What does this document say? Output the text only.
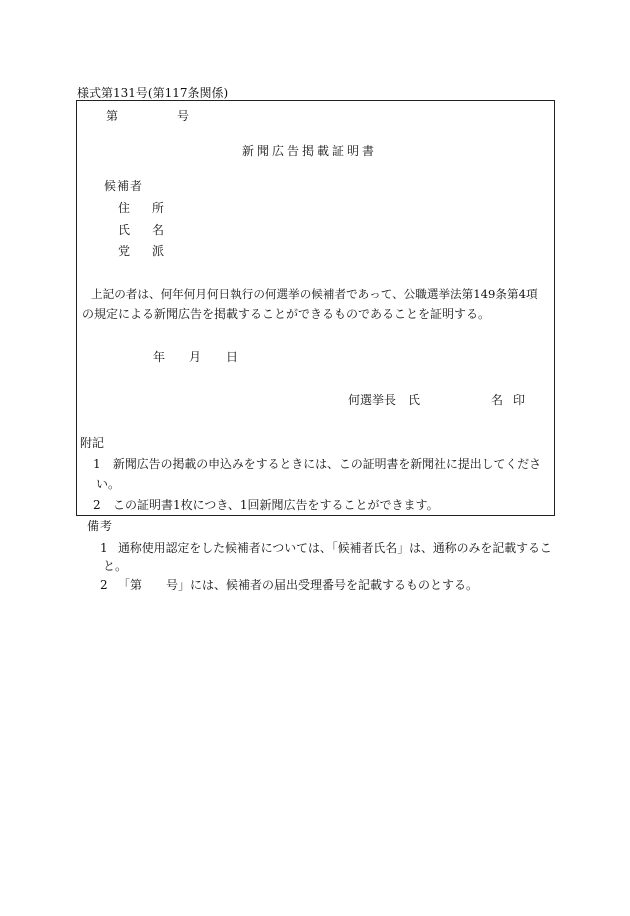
様式第131号(第117条関係)
第	号
新聞広告掲載証明書
候補者
住 所
氏 名
党 派
上記の者は、何年何月何日執行の何選挙の候補者であって、公職選挙法第149条第4項
の規定による新聞広告を掲載することができるものであることを証明する。
年 月 日
何選挙長　氏	名 印
附記
1 新聞広告の掲載の申込みをするときには、この証明書を新聞社に提出してくださ
い。
2 この証明書1枚につき、1回新聞広告をすることができます。
備考
1 通称使用認定をした候補者については、「候補者氏名」は、通称のみを記載するこ
と。
2 「第　　号」には、候補者の届出受理番号を記載するものとする。
